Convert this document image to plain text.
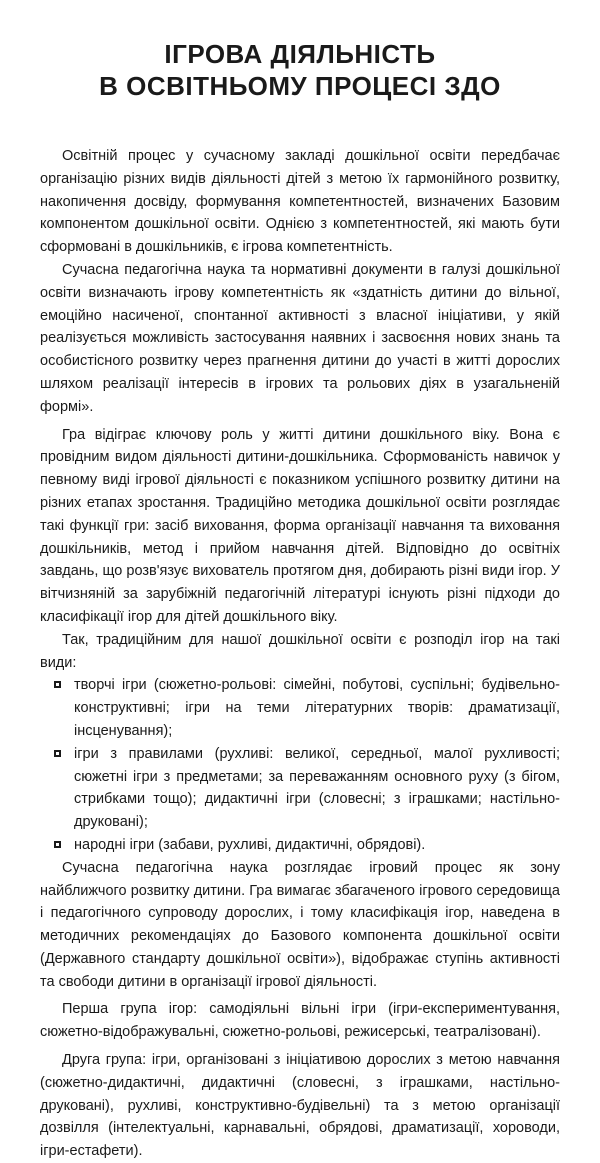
ІГРОВА ДІЯЛЬНІСТЬ
В ОСВІТНЬОМУ ПРОЦЕСІ ЗДО

Освітній процес у сучасному закладі дошкільної освіти передбачає організацію різних видів діяльності дітей з метою їх гармонійного розвитку, накопичення досвіду, формування компетентностей, визначених Базовим компонентом дошкільної освіти. Однією з компетентностей, які мають бути сформовані в дошкільників, є ігрова компетентність.

Сучасна педагогічна наука та нормативні документи в галузі дошкільної освіти визначають ігрову компетентність як «здатність дитини до вільної, емоційно насиченої, спонтанної активності з власної ініціативи, у якій реалізується можливість застосування наявних і засвоєння нових знань та особистісного розвитку через прагнення дитини до участі в житті дорослих шляхом реалізації інтересів в ігрових та рольових діях в узагальненій формі».

Гра відіграє ключову роль у житті дитини дошкільного віку. Вона є провідним видом діяльності дитини-дошкільника. Сформованість навичок у певному виді ігрової діяльності є показником успішного розвитку дитини на різних етапах зростання. Традиційно методика дошкільної освіти розглядає такі функції гри: засіб виховання, форма організації навчання та виховання дошкільників, метод і прийом навчання дітей. Відповідно до освітніх завдань, що розв'язує вихователь протягом дня, добирають різні види ігор. У вітчизняній за зарубіжній педагогічній літературі існують різні підходи до класифікації ігор для дітей дошкільного віку.

Так, традиційним для нашої дошкільної освіти є розподіл ігор на такі види:

творчі ігри (сюжетно-рольові: сімейні, побутові, суспільні; будівельно-конструктивні; ігри на теми літературних творів: драматизації, інсценування);
ігри з правилами (рухливі: великої, середньої, малої рухливості; сюжетні ігри з предметами; за переважанням основного руху (з бігом, стрибками тощо); дидактичні ігри (словесні; з іграшками; настільно-друковані);
народні ігри (забави, рухливі, дидактичні, обрядові).

Сучасна педагогічна наука розглядає ігровий процес як зону найближчого розвитку дитини. Гра вимагає збагаченого ігрового середовища і педагогічного супроводу дорослих, і тому класифікація ігор, наведена в методичних рекомендаціях до Базового компонента дошкільної освіти (Державного стандарту дошкільної освіти»), відображає ступінь активності та свободи дитини в організації ігрової діяльності.

Перша група ігор: самодіяльні вільні ігри (ігри-експериментування, сюжетно-відображувальні, сюжетно-рольові, режисерські, театралізовані).

Друга група: ігри, організовані з ініціативою дорослих з метою навчання (сюжетно-дидактичні, дидактичні (словесні, з іграшками, настільно-друковані), рухливі, конструктивно-будівельні) та з метою організації дозвілля (інтелектуальні, карнавальні, обрядові, драматизації, хороводи, ігри-естафети).
